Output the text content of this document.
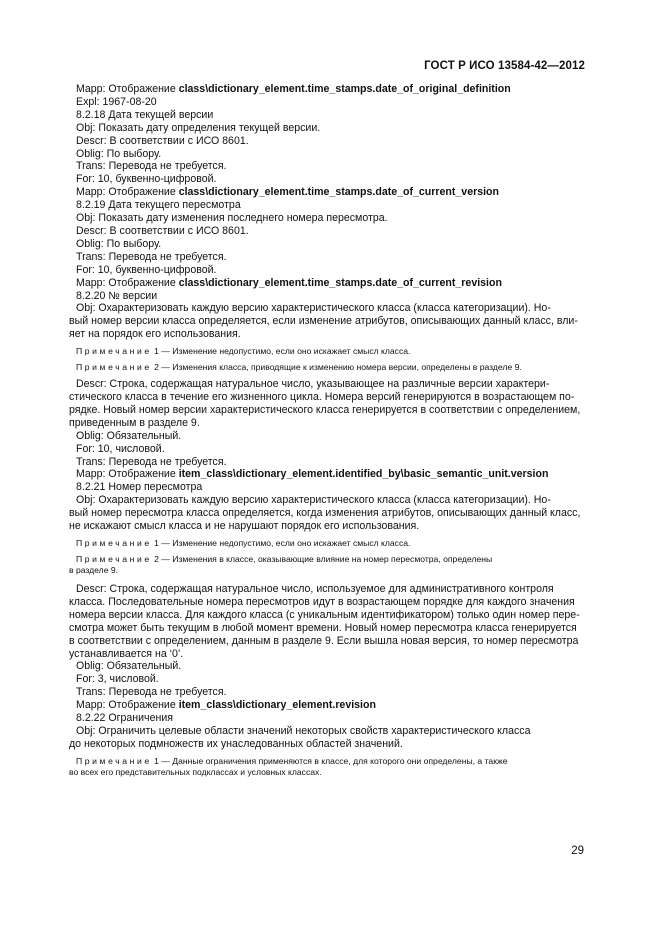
ГОСТ Р ИСО 13584-42—2012

Mapp: Отображение class\dictionary_element.time_stamps.date_of_original_definition

Expl: 1967-08-20

8.2.18 Дата текущей версии

Obj: Показать дату определения текущей версии.

Descr: В соответствии с ИСО 8601.

Oblig: По выбору.

Trans: Перевода не требуется.

For: 10, буквенно-цифровой.

Mapp: Отображение class\dictionary_element.time_stamps.date_of_current_version

8.2.19 Дата текущего пересмотра

Obj: Показать дату изменения последнего номера пересмотра.

Descr: В соответствии с ИСО 8601.

Oblig: По выбору.

Trans: Перевода не требуется.

For: 10, буквенно-цифровой.

Mapp: Отображение class\dictionary_element.time_stamps.date_of_current_revision

8.2.20 № версии

Obj: Охарактеризовать каждую версию характеристического класса (класса категоризации). Но-

вый номер версии класса определяется, если изменение атрибутов, описывающих данный класс, вли-

яет на порядок его использования.

Примечание 1 — Изменение недопустимо, если оно искажает смысл класса.

Примечание 2 — Изменения класса, приводящие к изменению номера версии, определены в разделе 9.

Descr: Строка, содержащая натуральное число, указывающее на различные версии характери-

стического класса в течение его жизненного цикла. Номера версий генерируются в возрастающем по-

рядке. Новый номер версии характеристического класса генерируется в соответствии с определением,

приведенным в разделе 9.

Oblig: Обязательный.

For: 10, числовой.

Trans: Перевода не требуется.

Mapp: Отображение item_class\dictionary_element.identified_by\basic_semantic_unit.version

8.2.21 Номер пересмотра

Obj: Охарактеризовать каждую версию характеристического класса (класса категоризации). Но-

вый номер пересмотра класса определяется, когда изменения атрибутов, описывающих данный класс,

не искажают смысл класса и не нарушают порядок его использования.

Примечание 1 — Изменение недопустимо, если оно искажает смысл класса.

Примечание 2 — Изменения в классе, оказывающие влияние на номер пересмотра, определены
в разделе 9.

Descr: Строка, содержащая натуральное число, используемое для административного контроля

класса. Последовательные номера пересмотров идут в возрастающем порядке для каждого значения

номера версии класса. Для каждого класса (с уникальным идентификатором) только один номер пере-

смотра может быть текущим в любой момент времени. Новый номер пересмотра класса генерируется

в соответствии с определением, данным в разделе 9. Если вышла новая версия, то номер пересмотра

устанавливается на ‘0’.

Oblig: Обязательный.

For: 3, числовой.

Trans: Перевода не требуется.

Mapp: Отображение item_class\dictionary_element.revision

8.2.22 Ограничения

Obj: Ограничить целевые области значений некоторых свойств характеристического класса

до некоторых подмножеств их унаследованных областей значений.

Примечание 1 — Данные ограничения применяются в классе, для которого они определены, а также
во всех его представительных подклассах и условных классах.

29
